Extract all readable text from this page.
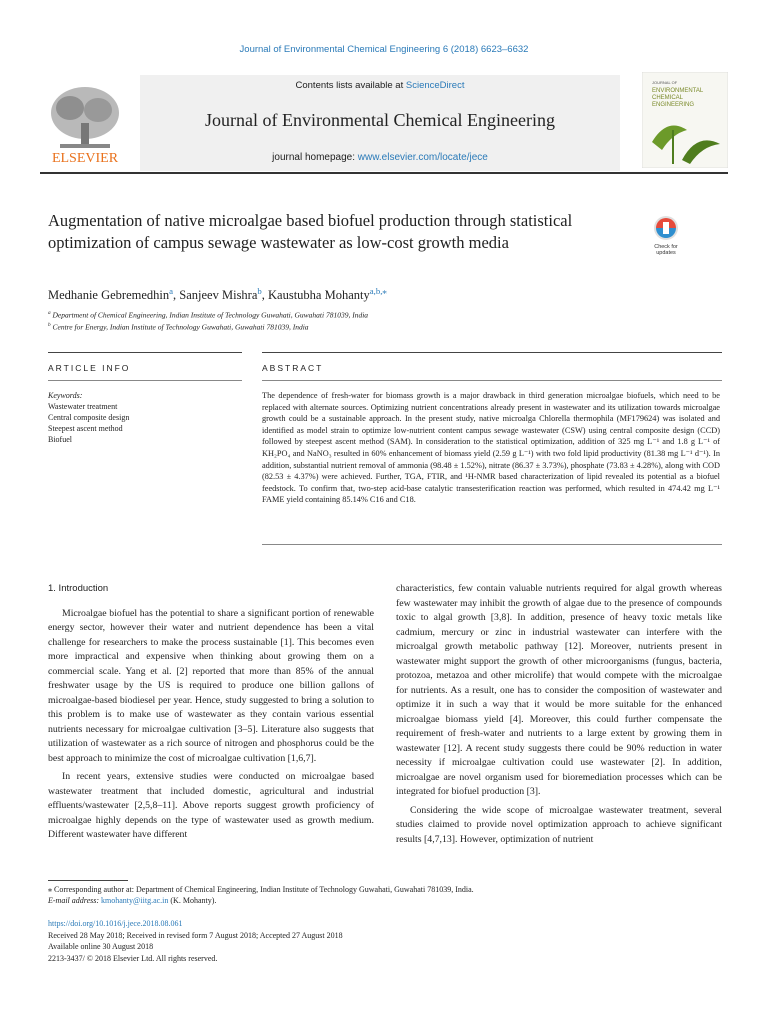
Journal of Environmental Chemical Engineering 6 (2018) 6623–6632
ELSEVIER
Contents lists available at ScienceDirect
Journal of Environmental Chemical Engineering
journal homepage: www.elsevier.com/locate/jece
JOURNAL OF
ENVIRONMENTAL
CHEMICAL
ENGINEERING
Augmentation of native microalgae based biofuel production through statistical optimization of campus sewage wastewater as low-cost growth media	Check for
updates
Medhanie Gebremedhin$^a$, Sanjeev Mishra$^b$, Kaustubha Mohanty$^{a,b,⁎}$
$^a$ Department of Chemical Engineering, Indian Institute of Technology Guwahati, Guwahati 781039, India
$^b$ Centre for Energy, Indian Institute of Technology Guwahati, Guwahati 781039, India
ARTICLE INFO	ABSTRACT
Keywords:
Wastewater treatment
Central composite design
Steepest ascent method
Biofuel
The dependence of fresh-water for biomass growth is a major drawback in third generation microalgae biofuels, which need to be replaced with alternate sources. Optimizing nutrient concentrations already present in wastewater and its utilization towards microalgae growth could be a sustainable approach. In the present study, native microalga Chlorella thermophila (MF179624) was isolated and identified as model strain to optimize low-nutrient content campus sewage wastewater (CSW) using central composite design (CCD) followed by steepest ascent method (SAM). In consideration to the statistical optimization, addition of 325 mg L⁻¹ and 1.8 g L⁻¹ of KH₂PO₄ and NaNO₃ resulted in 60% enhancement of biomass yield (2.59 g L⁻¹) with two fold lipid productivity (81.38 mg L⁻¹ d⁻¹). In addition, substantial nutrient removal of ammonia (98.48 ± 1.52%), nitrate (86.37 ± 3.73%), phosphate (73.83 ± 4.28%), along with COD (82.53 ± 4.37%) were achieved. Further, TGA, FTIR, and ¹H-NMR based characterization of lipid revealed its potential as a biofuel feedstock. To confirm that, two-step acid-base catalytic transesterification reaction was performed, which resulted in 474.42 mg L⁻¹ FAME yield containing 85.14% C16 and C18.
1. Introduction

Microalgae biofuel has the potential to share a significant portion of renewable energy sector, however their water and nutrient dependence has been a vital challenge for researchers to make the process sustainable [1]. This becomes even more impractical and expensive when thinking about growing them on a commercial scale. Yang et al. [2] reported that more than 85% of the annual freshwater usage by the US is required to produce one billion gallons of microalgae-based biodiesel per year. Hence, study suggested to bring a solution to this problem is to make use of wastewater as they contain various essential nutrients necessary for microalgae cultivation [3–5]. Literature also suggests that utilization of wastewater as a rich source of nitrogen and phosphorus could be the best approach to minimize the cost of microalgae cultivation [1,6,7].

In recent years, extensive studies were conducted on microalgae based wastewater treatment that included domestic, agricultural and industrial effluents/wastewater [2,5,8–11]. Above reports suggest growth proficiency of microalgae highly depends on the type of wastewater used as growth medium. Different wastewater have different

characteristics, few contain valuable nutrients required for algal growth whereas few wastewater may inhibit the growth of algae due to the presence of compounds toxic to algal growth [3,8]. In addition, presence of heavy toxic metals like cadmium, mercury or zinc in industrial wastewater can interfere with the microalgal growth metabolic pathway [12]. Moreover, nutrients present in wastewater might support the growth of other microorganisms (fungus, bacteria, protozoa, metazoa and other microlife) that would compete with the microalgae for nutrients. As a result, one has to consider the composition of wastewater and optimize it in such a way that it would be more suitable for the enhanced microalgae biomass yield [4]. Moreover, this could further compensate the requirement of fresh-water and nutrients to a large extent by growing them in wastewater [12]. A recent study suggests there could be 90% reduction in water necessity if microalgae cultivation could use wastewater [2]. In addition, microalgae are novel organism used for bioremediation processes which can be integrated for biofuel production [3].

Considering the wide scope of microalgae wastewater treatment, several studies claimed to provide novel optimization approach to achieve significant results [4,7,13]. However, optimization of nutrient

⁎ Corresponding author at: Department of Chemical Engineering, Indian Institute of Technology Guwahati, Guwahati 781039, India.
E-mail address: kmohanty@iitg.ac.in (K. Mohanty).
https://doi.org/10.1016/j.jece.2018.08.061
Received 28 May 2018; Received in revised form 7 August 2018; Accepted 27 August 2018
Available online 30 August 2018
2213-3437/ © 2018 Elsevier Ltd. All rights reserved.
